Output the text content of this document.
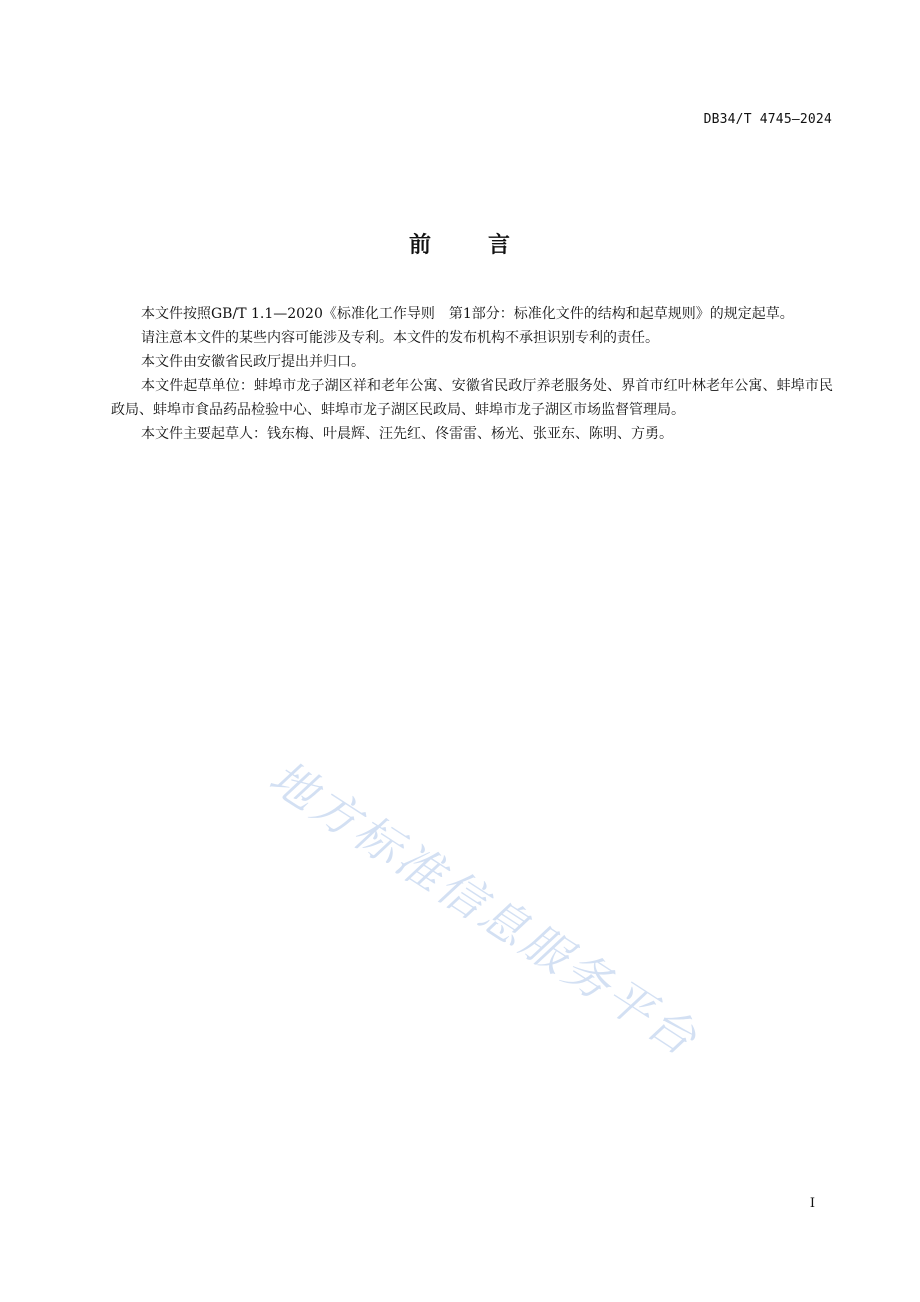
DB34/T 4745—2024
前	言

本文件按照GB/T 1.1—2020《标准化工作导则　第1部分：标准化文件的结构和起草规则》的规定起草。

请注意本文件的某些内容可能涉及专利。本文件的发布机构不承担识别专利的责任。

本文件由安徽省民政厅提出并归口。

本文件起草单位：蚌埠市龙子湖区祥和老年公寓、安徽省民政厅养老服务处、界首市红叶林老年公寓、蚌埠市民政局、蚌埠市食品药品检验中心、蚌埠市龙子湖区民政局、蚌埠市龙子湖区市场监督管理局。

本文件主要起草人：钱东梅、叶晨辉、汪先红、佟雷雷、杨光、张亚东、陈明、方勇。

地方标准信息服务平台
I
